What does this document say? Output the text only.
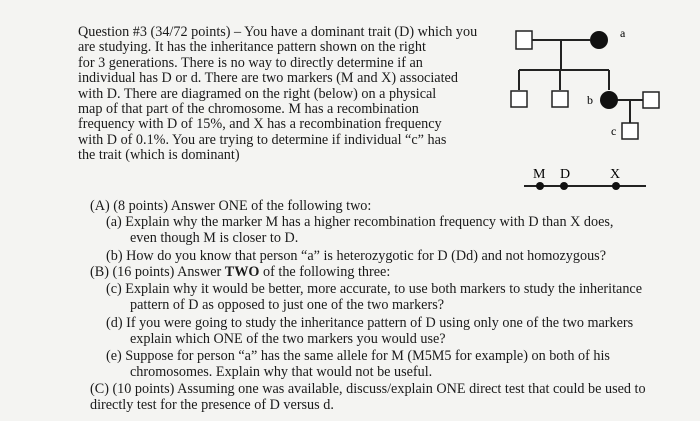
Question #3 (34/72 points) – You have a dominant trait (D) which you
are studying. It has the inheritance pattern shown on the right
for 3 generations. There is no way to directly determine if an
individual has D or d. There are two markers (M and X) associated
with D. There are diagramed on the right (below) on a physical
map of that part of the chromosome. M has a recombination
frequency with D of 15%, and X has a recombination frequency
with D of 0.1%. You are trying to determine if individual “c” has
the trait (which is dominant)

a
b
c
M D	X
(A) (8 points) Answer ONE of the following two:
(a) Explain why the marker M has a higher recombination frequency with D than X does,
even though M is closer to D.
(b) How do you know that person “a” is heterozygotic for D (Dd) and not homozygous?
(B) (16 points) Answer TWO of the following three:
(c) Explain why it would be better, more accurate, to use both markers to study the inheritance
pattern of D as opposed to just one of the two markers?
(d) If you were going to study the inheritance pattern of D using only one of the two markers
explain which ONE of the two markers you would use?
(e) Suppose for person “a” has the same allele for M (M5M5 for example) on both of his
chromosomes. Explain why that would not be useful.
(C) (10 points) Assuming one was available, discuss/explain ONE direct test that could be used to
directly test for the presence of D versus d.
